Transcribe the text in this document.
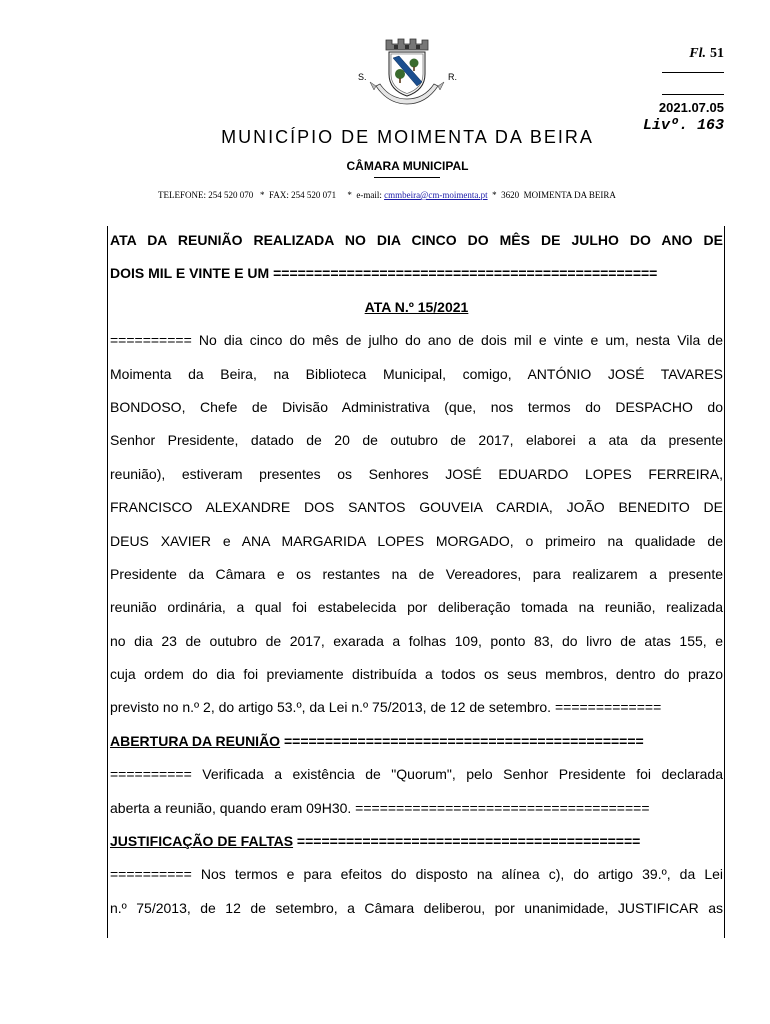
S.	R.
Fl. 51
2021.07.05
Livº. 163
MUNICÍPIO DE MOIMENTA DA BEIRA
CÂMARA MUNICIPAL
TELEFONE: 254 520 070   *  FAX: 254 520 071     *  e-mail: cmmbeira@cm-moimenta.pt  *  3620  MOIMENTA DA BEIRA
ATA DA REUNIÃO REALIZADA NO DIA CINCO DO MÊS DE JULHO DO ANO DE
DOIS MIL E VINTE E UM ===============================================
ATA N.º 15/2021
========== No dia cinco do mês de julho do ano de dois mil e vinte e um, nesta Vila de
Moimenta da Beira, na Biblioteca Municipal, comigo, ANTÓNIO JOSÉ TAVARES
BONDOSO, Chefe de Divisão Administrativa (que, nos termos do DESPACHO do
Senhor Presidente, datado de 20 de outubro de 2017, elaborei a ata da presente
reunião), estiveram presentes os Senhores JOSÉ EDUARDO LOPES FERREIRA,
FRANCISCO ALEXANDRE DOS SANTOS GOUVEIA CARDIA, JOÃO BENEDITO DE
DEUS XAVIER e ANA MARGARIDA LOPES MORGADO, o primeiro na qualidade de
Presidente da Câmara e os restantes na de Vereadores, para realizarem a presente
reunião ordinária, a qual foi estabelecida por deliberação tomada na reunião, realizada
no dia 23 de outubro de 2017, exarada a folhas 109, ponto 83, do livro de atas 155, e
cuja ordem do dia foi previamente distribuída a todos os seus membros, dentro do prazo
previsto no n.º 2, do artigo 53.º, da Lei n.º 75/2013, de 12 de setembro. =============
ABERTURA DA REUNIÃO ============================================
========== Verificada a existência de "Quorum", pelo Senhor Presidente foi declarada
aberta a reunião, quando eram 09H30. ====================================
JUSTIFICAÇÃO DE FALTAS ==========================================
========== Nos termos e para efeitos do disposto na alínea c), do artigo 39.º, da Lei
n.º 75/2013, de 12 de setembro, a Câmara deliberou, por unanimidade, JUSTIFICAR as
